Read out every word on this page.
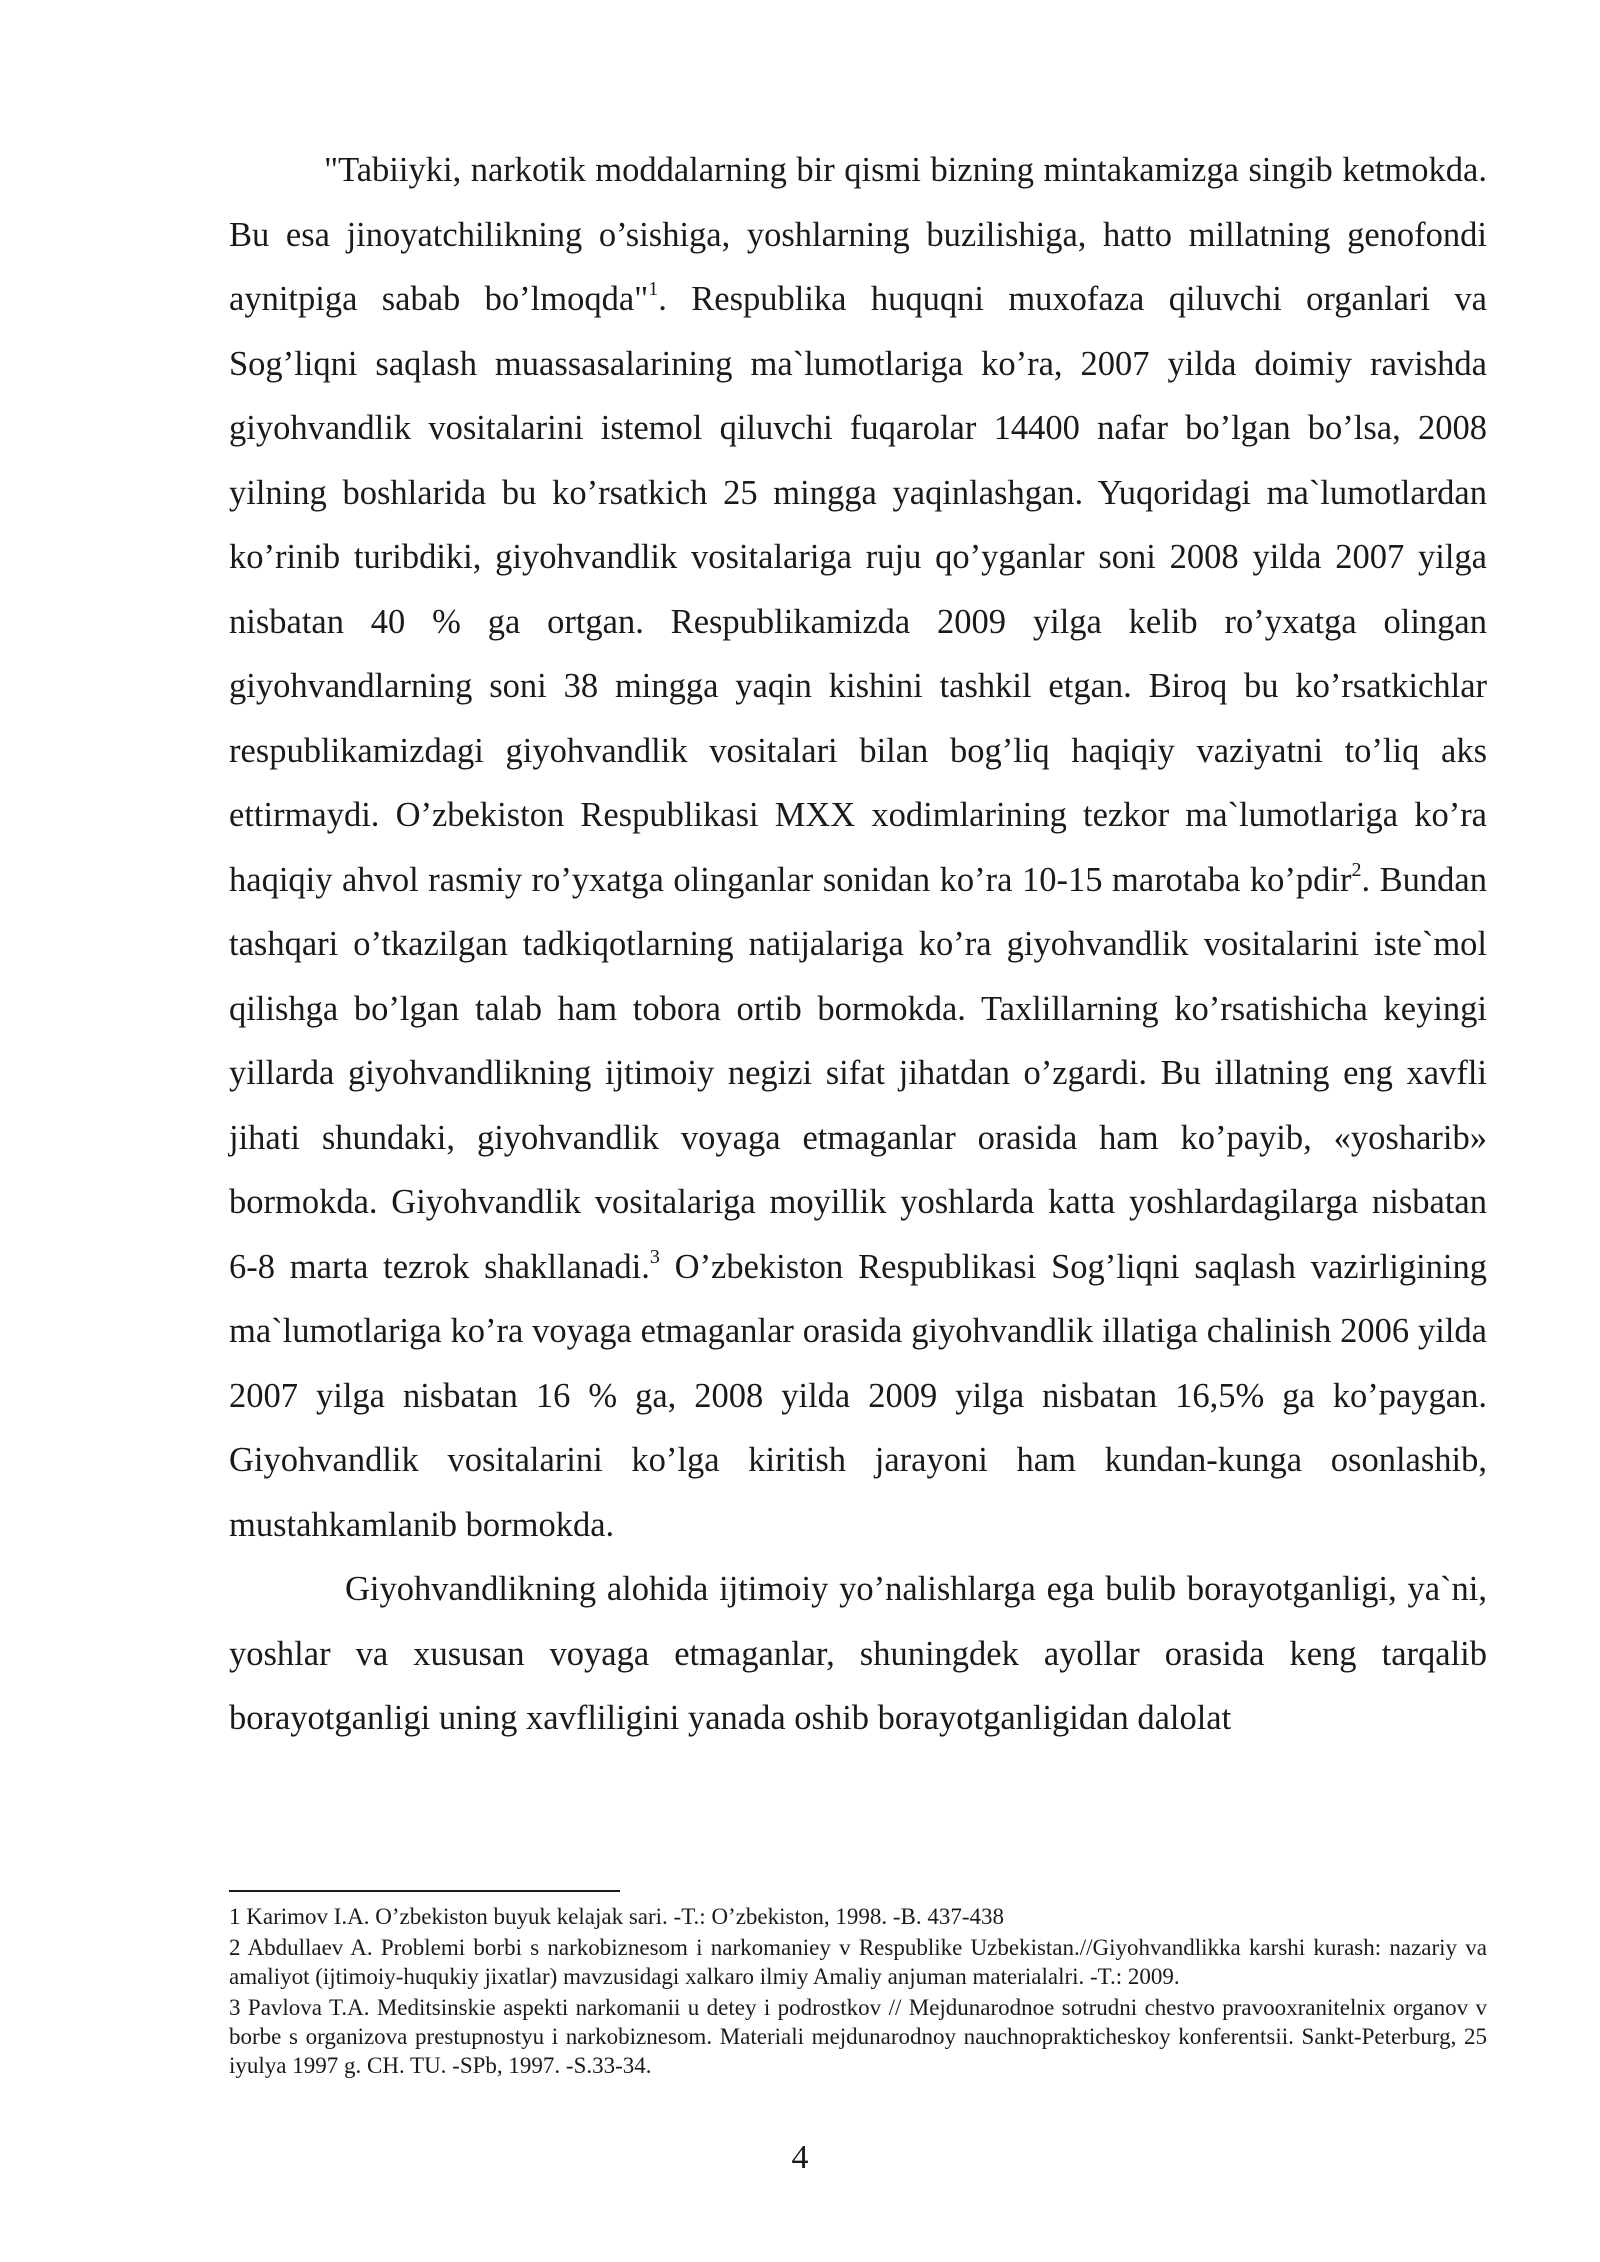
"Tabiiyki, narkotik moddalarning bir qismi bizning mintakamizga singib ketmokda. Bu esa jinoyatchilikning o’sishiga, yoshlarning buzilishiga, hatto millatning genofondi aynitpiga sabab bo’lmoqda"$^1$. Respublika huquqni muxofaza qiluvchi organlari va Sog’liqni saqlash muassasalarining ma`lumotlariga ko’ra, 2007 yilda doimiy ravishda giyohvandlik vositalarini istemol qiluvchi fuqarolar 14400 nafar bo’lgan bo’lsa, 2008 yilning boshlarida bu ko’rsatkich 25 mingga yaqinlashgan. Yuqoridagi ma`lumotlardan ko’rinib turibdiki, giyohvandlik vositalariga ruju qo’yganlar soni 2008 yilda 2007 yilga nisbatan 40 % ga ortgan. Respublikamizda 2009 yilga kelib ro’yxatga olingan giyohvandlarning soni 38 mingga yaqin kishini tashkil etgan. Biroq bu ko’rsatkichlar respublikamizdagi giyohvandlik vositalari bilan bog’liq haqiqiy vaziyatni to’liq aks ettirmaydi. O’zbekiston Respublikasi MXX xodimlarining tezkor ma`lumotlariga ko’ra haqiqiy ahvol rasmiy ro’yxatga olinganlar sonidan ko’ra 10-15 marotaba ko’pdir$^2$. Bundan tashqari o’tkazilgan tadkiqotlarning natijalariga ko’ra giyohvandlik vositalarini iste`mol qilishga bo’lgan talab ham tobora ortib bormokda. Taxlillarning ko’rsatishicha keyingi yillarda giyohvandlikning ijtimoiy negizi sifat jihatdan o’zgardi. Bu illatning eng xavfli jihati shundaki, giyohvandlik voyaga etmaganlar orasida ham ko’payib, «yosharib» bormokda. Giyohvandlik vositalariga moyillik yoshlarda katta yoshlardagilarga nisbatan 6-8 marta tezrok shakllanadi.$^3$ O’zbekiston Respublikasi Sog’liqni saqlash vazirligining ma`lumotlariga ko’ra voyaga etmaganlar orasida giyohvandlik illatiga chalinish 2006 yilda 2007 yilga nisbatan 16 % ga, 2008 yilda 2009 yilga nisbatan 16,5% ga ko’paygan. Giyohvandlik vositalarini ko’lga kiritish jarayoni ham kundan-kunga osonlashib, mustahkamlanib bormokda.

Giyohvandlikning alohida ijtimoiy yo’nalishlarga ega bulib borayotganligi, ya`ni, yoshlar va xususan voyaga etmaganlar, shuningdek ayollar orasida keng tarqalib borayotganligi uning xavfliligini yanada oshib borayotganligidan dalolat

1 Karimov I.A. O’zbekiston buyuk kelajak sari. -T.: O’zbekiston, 1998. -B. 437-438

2 Abdullaev A. Problemi borbi s narkobiznesom i narkomaniey v Respublike Uzbekistan.//Giyohvandlikka karshi kurash: nazariy va amaliyot (ijtimoiy-huqukiy jixatlar) mavzusidagi xalkaro ilmiy Amaliy anjuman materialalri. -T.: 2009.

3 Pavlova T.A. Meditsinskie aspekti narkomanii u detey i podrostkov // Mejdunarodnoe sotrudni chestvo pravooxranitelnix organov v borbe s organizova prestupnostyu i narkobiznesom. Materiali mejdunarodnoy nauchnoprakticheskoy konferentsii. Sankt-Peterburg, 25 iyulya 1997 g. CH. TU. -SPb, 1997. -S.33-34.

4
